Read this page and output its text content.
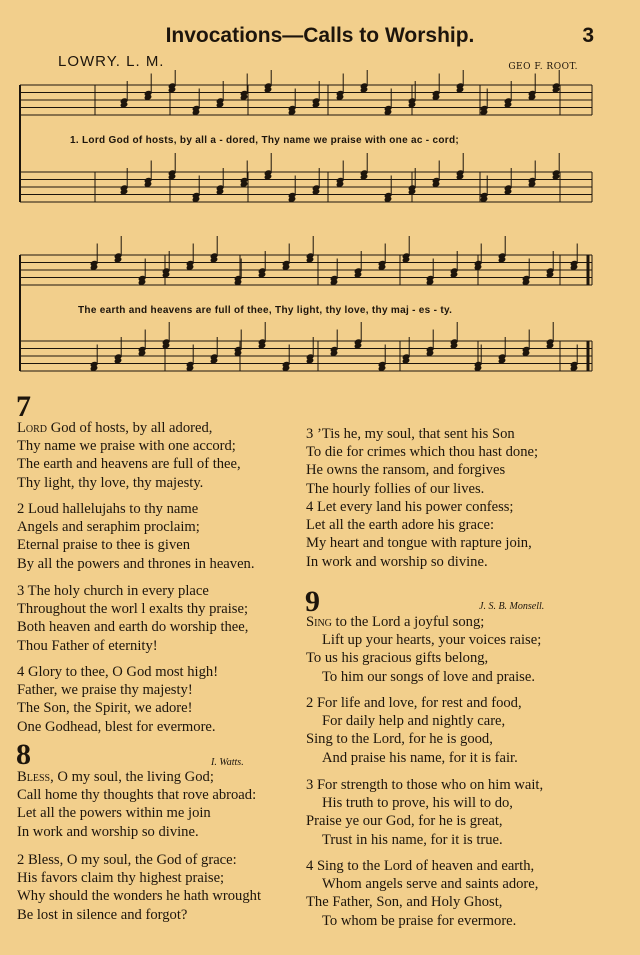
Invocations—Calls to Worship.	3
LOWRY. L. M.	GEO F. ROOT.
1. Lord God of hosts, by all a - dored, Thy name we praise with one ac - cord;
The earth and heavens are full of thee, Thy light, thy love, thy maj - es - ty.
7
Lord God of hosts, by all adored,
Thy name we praise with one accord;
The earth and heavens are full of thee,
Thy light, thy love, thy majesty.
2 Loud hallelujahs to thy name
Angels and seraphim proclaim;
Eternal praise to thee is given
By all the powers and thrones in heaven.
3 The holy church in every place
Throughout the worl l exalts thy praise;
Both heaven and earth do worship thee,
Thou Father of eternity!
4 Glory to thee, O God most high!
Father, we praise thy majesty!
The Son, the Spirit, we adore!
One Godhead, blest for evermore.
8	I. Watts.
Bless, O my soul, the living God;
Call home thy thoughts that rove abroad:
Let all the powers within me join
In work and worship so divine.
2 Bless, O my soul, the God of grace:
His favors claim thy highest praise;
Why should the wonders he hath wrought
Be lost in silence and forgot?
3 ’Tis he, my soul, that sent his Son
To die for crimes which thou hast done;
He owns the ransom, and forgives
The hourly follies of our lives.
4 Let every land his power confess;
Let all the earth adore his grace:
My heart and tongue with rapture join,
In work and worship so divine.
9	J. S. B. Monsell.
Sing to the Lord a joyful song;
Lift up your hearts, your voices raise;
To us his gracious gifts belong,
To him our songs of love and praise.
2 For life and love, for rest and food,
For daily help and nightly care,
Sing to the Lord, for he is good,
And praise his name, for it is fair.
3 For strength to those who on him wait,
His truth to prove, his will to do,
Praise ye our God, for he is great,
Trust in his name, for it is true.
4 Sing to the Lord of heaven and earth,
Whom angels serve and saints adore,
The Father, Son, and Holy Ghost,
To whom be praise for evermore.
